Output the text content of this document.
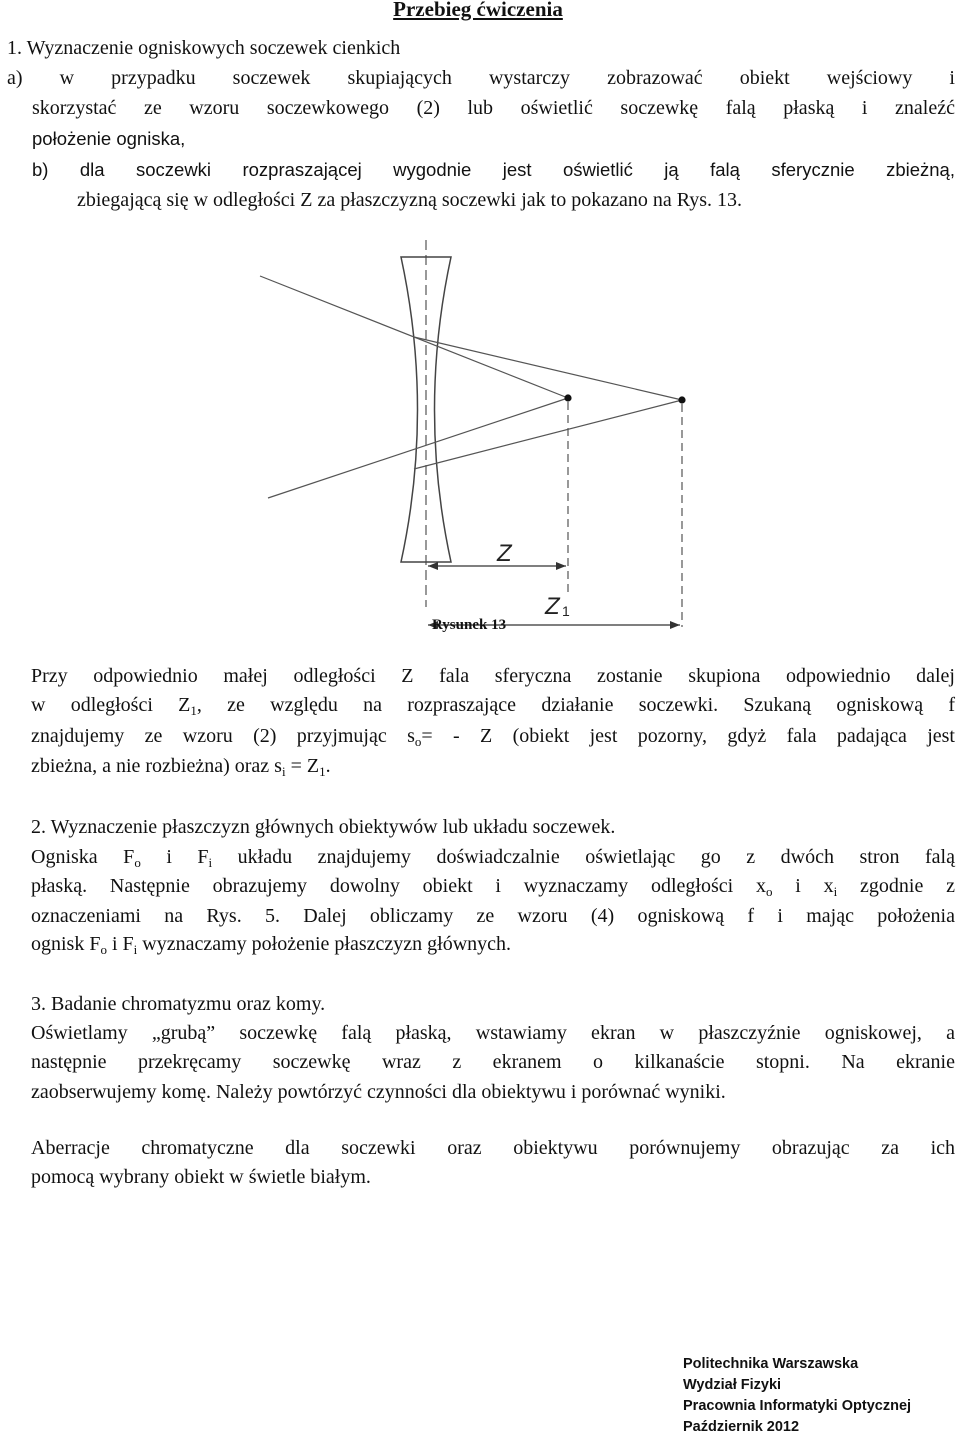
Przebieg ćwiczenia
1. Wyznaczenie ogniskowych soczewek cienkich
a) w przypadku soczewek skupiających wystarczy zobrazować obiekt wejściowy i
skorzystać ze wzoru soczewkowego (2) lub oświetlić soczewkę falą płaską i znaleźć
położenie ogniska,
b) dla soczewki rozpraszającej wygodnie jest oświetlić ją falą sferycznie zbieżną,
zbiegającą się w odległości Z za płaszczyzną soczewki jak to pokazano na Rys. 13.
Z
Z 1
Rysunek 13
Przy odpowiednio małej odległości Z fala sferyczna zostanie skupiona odpowiednio dalej
w odległości $Z_1$, ze względu na rozpraszające działanie soczewki. Szukaną ogniskową f
znajdujemy ze wzoru (2) przyjmując $s_o= - Z$ (obiekt jest pozorny, gdyż fala padająca jest
zbieżna, a nie rozbieżna) oraz $s_i = Z_1$.
2. Wyznaczenie płaszczyzn głównych obiektywów lub układu soczewek.
Ogniska $F_o$ i $F_i$ układu znajdujemy doświadczalnie oświetlając go z dwóch stron falą
płaską. Następnie obrazujemy dowolny obiekt i wyznaczamy odległości $x_o$ i $x_i$ zgodnie z
oznaczeniami na Rys. 5. Dalej obliczamy ze wzoru (4) ogniskową f i mając położenia
ognisk $F_o$ i $F_i$ wyznaczamy położenie płaszczyzn głównych.
3. Badanie chromatyzmu oraz komy.
Oświetlamy „grubą” soczewkę falą płaską, wstawiamy ekran w płaszczyźnie ogniskowej, a
następnie przekręcamy soczewkę wraz z ekranem o kilkanaście stopni. Na ekranie
zaobserwujemy komę. Należy powtórzyć czynności dla obiektywu i porównać wyniki.
Aberracje chromatyczne dla soczewki oraz obiektywu porównujemy obrazując za ich
pomocą wybrany obiekt w świetle białym.
Politechnika Warszawska
Wydział Fizyki
Pracownia Informatyki Optycznej
Październik 2012
